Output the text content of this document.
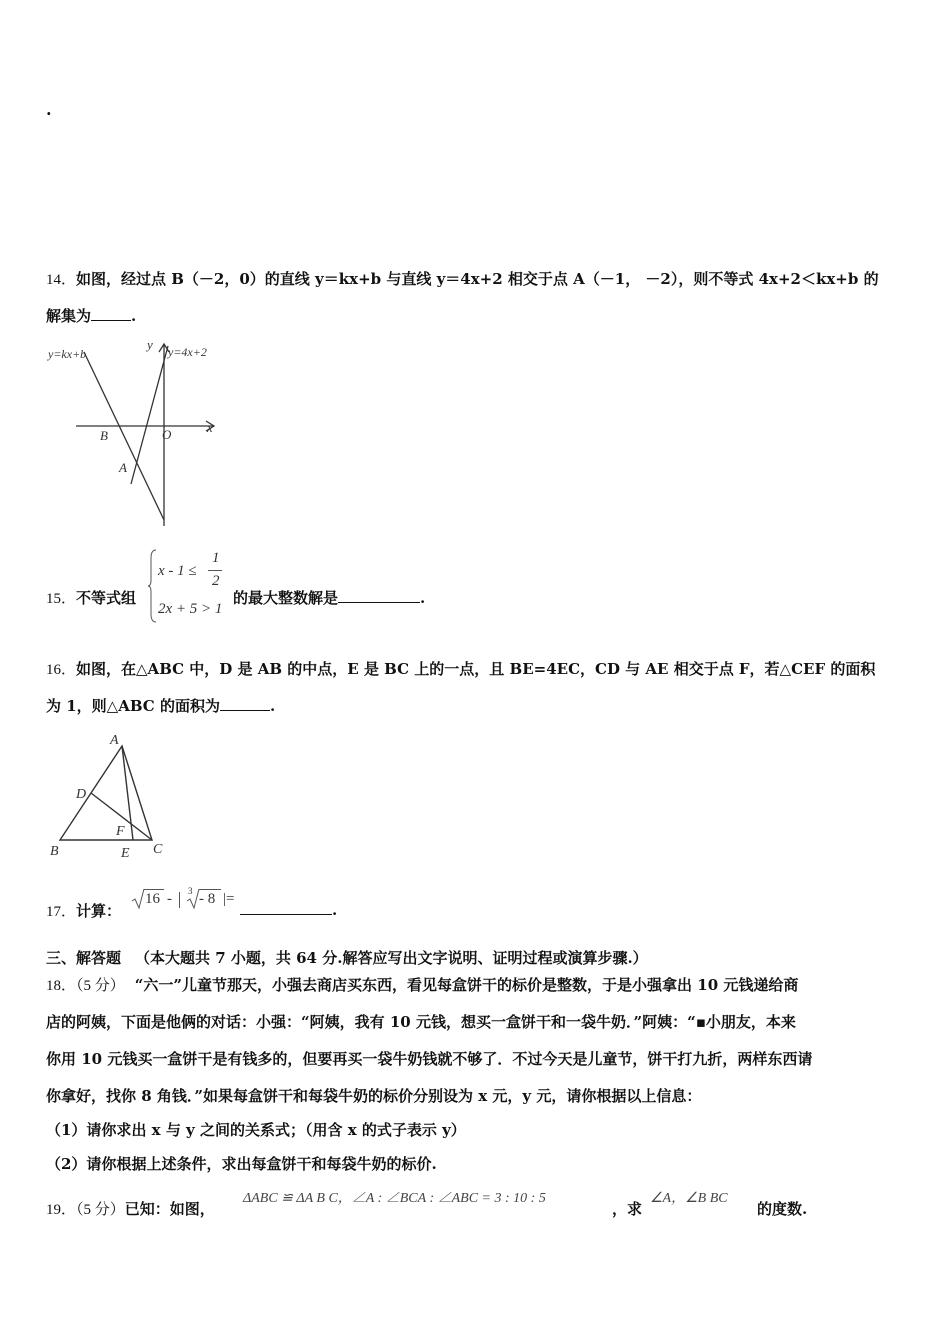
.
14．如图，经过点 B（－2，0）的直线 y＝kx+b 与直线 y＝4x+2 相交于点 A（－1， －2），则不等式 4x+2＜kx+b 的
解集为	.
y=kx+b	y=4x+2
y
x
O
B
A
15．不等式组
x - 1 ≤
1
2
2x + 5 > 1
的最大整数解是	.
16．如图，在△ABC 中，D 是 AB 的中点，E 是 BC 上的一点，且 BE=4EC，CD 与 AE 相交于点 F，若△CEF 的面积
为 1，则△ABC 的面积为	.
A
D
F
B	E C
17．计算：
16 - 3 - 8 |=
.
三、解答题 （本大题共 7 小题，共 64 分.解答应写出文字说明、证明过程或演算步骤.）
18．（5 分） “六一”儿童节那天，小强去商店买东西，看见每盒饼干的标价是整数，于是小强拿出 10 元钱递给商
店的阿姨，下面是他俩的对话：小强：“阿姨，我有 10 元钱，想买一盒饼干和一袋牛奶．”阿姨：“▪小朋友，本来
你用 10 元钱买一盒饼干是有钱多的，但要再买一袋牛奶钱就不够了．不过今天是儿童节，饼干打九折，两样东西请
你拿好，找你 8 角钱．”如果每盒饼干和每袋牛奶的标价分别设为 x 元，y 元，请你根据以上信息：
（1）请你求出 x 与 y 之间的关系式；（用含 x 的式子表示 y）
（2）请你根据上述条件，求出每盒饼干和每袋牛奶的标价.
19．（5 分）已知：如图，
ΔABC ≌ ΔA B C，∠A : ∠BCA : ∠ABC = 3 : 10 : 5
，求
∠A，∠B BC
的度数.
